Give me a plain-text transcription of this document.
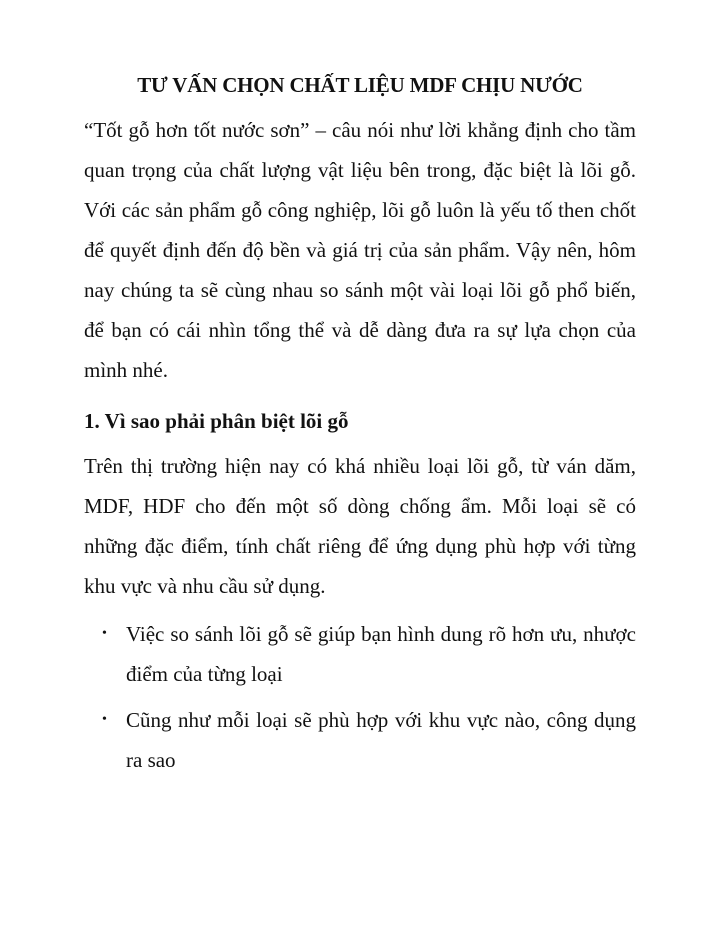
TƯ VẤN CHỌN CHẤT LIỆU MDF CHỊU NƯỚC

“Tốt gỗ hơn tốt nước sơn” – câu nói như lời khẳng định cho tầm quan trọng của chất lượng vật liệu bên trong, đặc biệt là lõi gỗ. Với các sản phẩm gỗ công nghiệp, lõi gỗ luôn là yếu tố then chốt để quyết định đến độ bền và giá trị của sản phẩm. Vậy nên, hôm nay chúng ta sẽ cùng nhau so sánh một vài loại lõi gỗ phổ biến, để bạn có cái nhìn tổng thể và dễ dàng đưa ra sự lựa chọn của mình nhé.

1. Vì sao phải phân biệt lõi gỗ

Trên thị trường hiện nay có khá nhiều loại lõi gỗ, từ ván dăm, MDF, HDF cho đến một số dòng chống ẩm. Mỗi loại sẽ có những đặc điểm, tính chất riêng để ứng dụng phù hợp với từng khu vực và nhu cầu sử dụng.

• Việc so sánh lõi gỗ sẽ giúp bạn hình dung rõ hơn ưu, nhược điểm của từng loại
• Cũng như mỗi loại sẽ phù hợp với khu vực nào, công dụng ra sao
